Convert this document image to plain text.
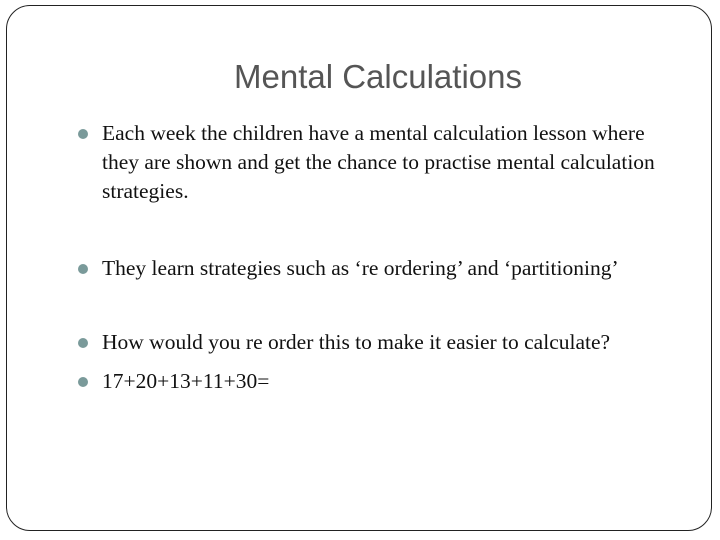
Mental Calculations
Each week the children have a mental calculation lesson where they are shown and get the chance to practise mental calculation strategies.
They learn strategies such as ‘re ordering’ and ‘partitioning’
How would you re order this to make it easier to calculate?
17+20+13+11+30=
